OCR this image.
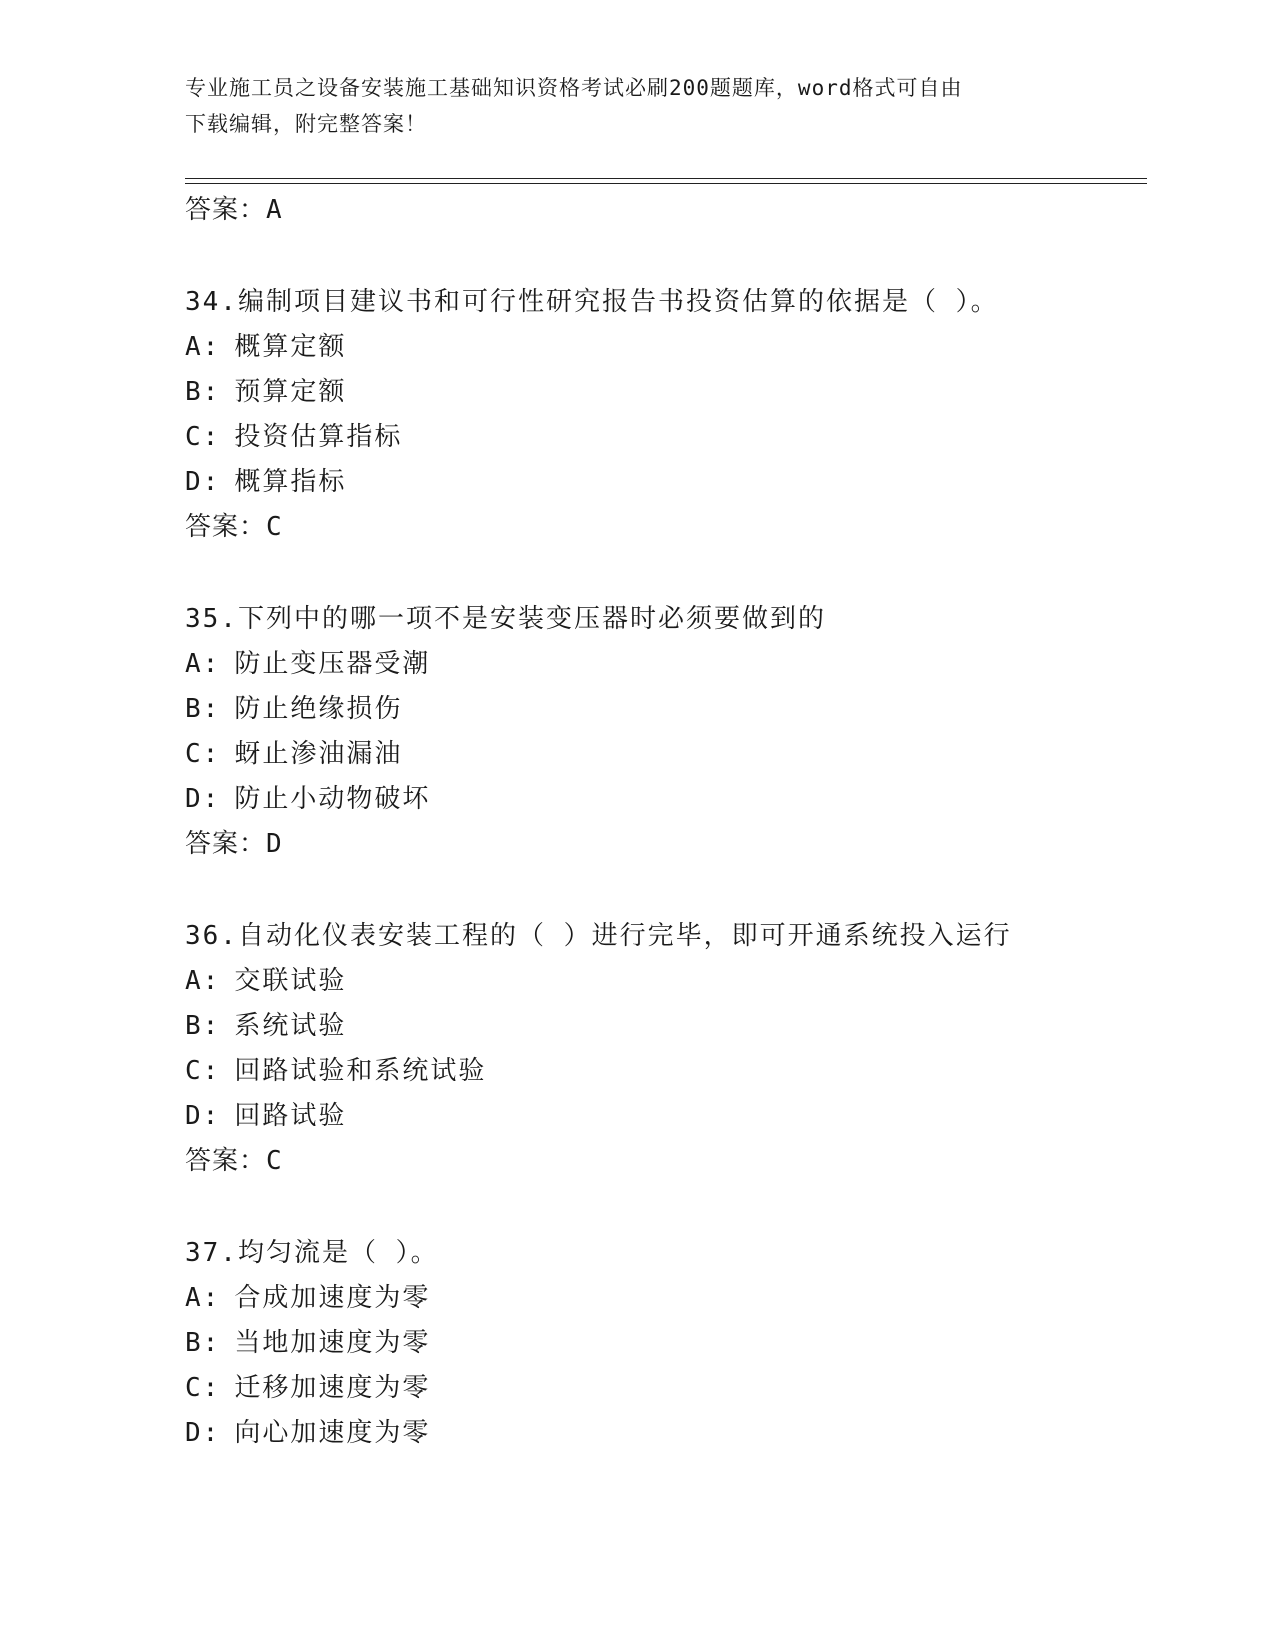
专业施工员之设备安装施工基础知识资格考试必刷200题题库，word格式可自由
下载编辑，附完整答案！
答案：A
34.编制项目建议书和可行性研究报告书投资估算的依据是（ ）。
A: 概算定额
B: 预算定额
C: 投资估算指标
D: 概算指标
答案：C
35.下列中的哪一项不是安装变压器时必须要做到的
A: 防止变压器受潮
B: 防止绝缘损伤
C: 蚜止渗油漏油
D: 防止小动物破坏
答案：D
36.自动化仪表安装工程的（ ）进行完毕，即可开通系统投入运行
A: 交联试验
B: 系统试验
C: 回路试验和系统试验
D: 回路试验
答案：C
37.均匀流是（ ）。
A: 合成加速度为零
B: 当地加速度为零
C: 迁移加速度为零
D: 向心加速度为零
